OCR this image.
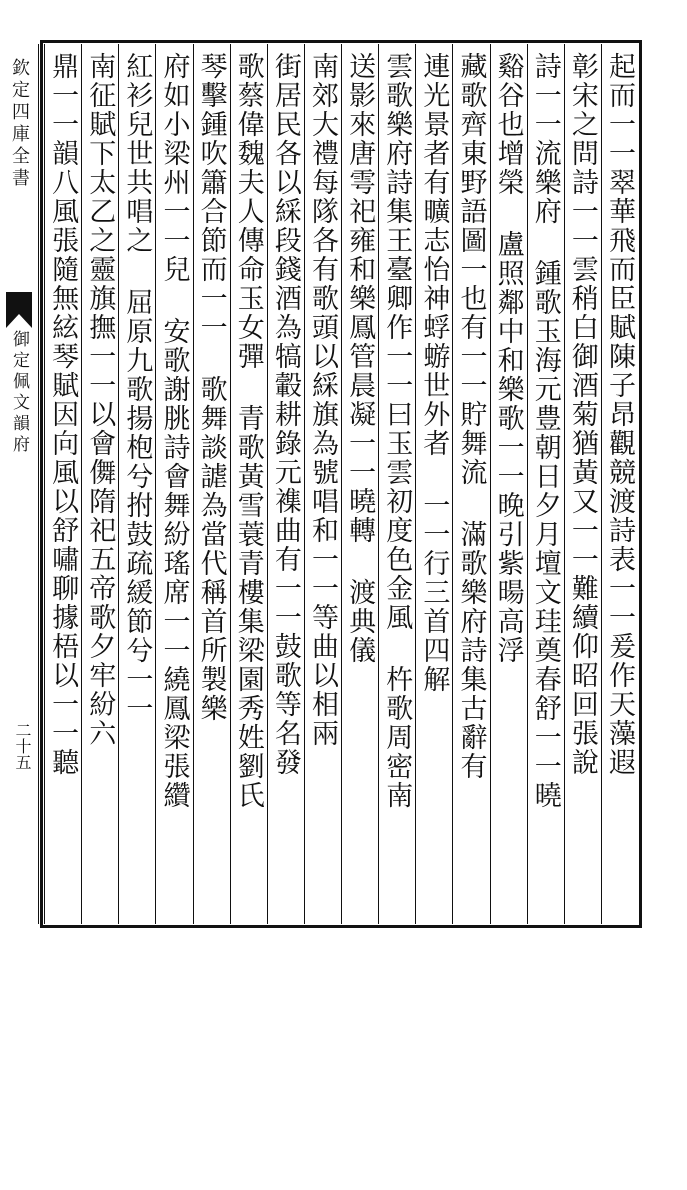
欽定四庫全書
御定佩文韻府
二十五	起而一一翠華飛而臣賦陳子昂觀競渡詩表一一爰作天藻遐
彰宋之問詩一一雲稍白御酒菊猶黃又一一難續仰昭回張說
詩一一流樂府 鍾歌玉海元豊朝日夕月壇文珪奠春舒一一曉
谿谷也增榮 盧照鄰中和樂歌一一晚引紫暘高浮
藏歌齊東野語圖一也有一一貯舞流 滿歌樂府詩集古辭有
連光景者有曠志怡神蜉蝣世外者 一一行三首四解
雲歌樂府詩集王臺卿作一一曰玉雲初度色金風 杵歌周密南
送影來唐雩祀雍和樂鳳管晨凝一一曉轉 渡典儀
南郊大禮每隊各有歌頭以綵旗為號唱和一一等曲以相兩
街居民各以綵段錢酒為犒轂耕錄元襍曲有一一鼓歌等名發
歌蔡偉魏夫人傳命玉女彈 青歌黃雪蓑青樓集梁園秀姓劉氏
琴擊鍾吹簫合節而一一 歌舞談謔為當代稱首所製樂
府如小梁州一一兒 安歌謝朓詩會舞紛瑤席一一繞鳳梁張纘
紅衫兒世共唱之 屈原九歌揚枹兮拊鼓疏緩節兮一一
南征賦下太乙之靈旗撫一一以會儛隋祀五帝歌夕牢紛六
鼎一一韻八風張隨無絃琴賦因向風以舒嘯聊據梧以一一聽
